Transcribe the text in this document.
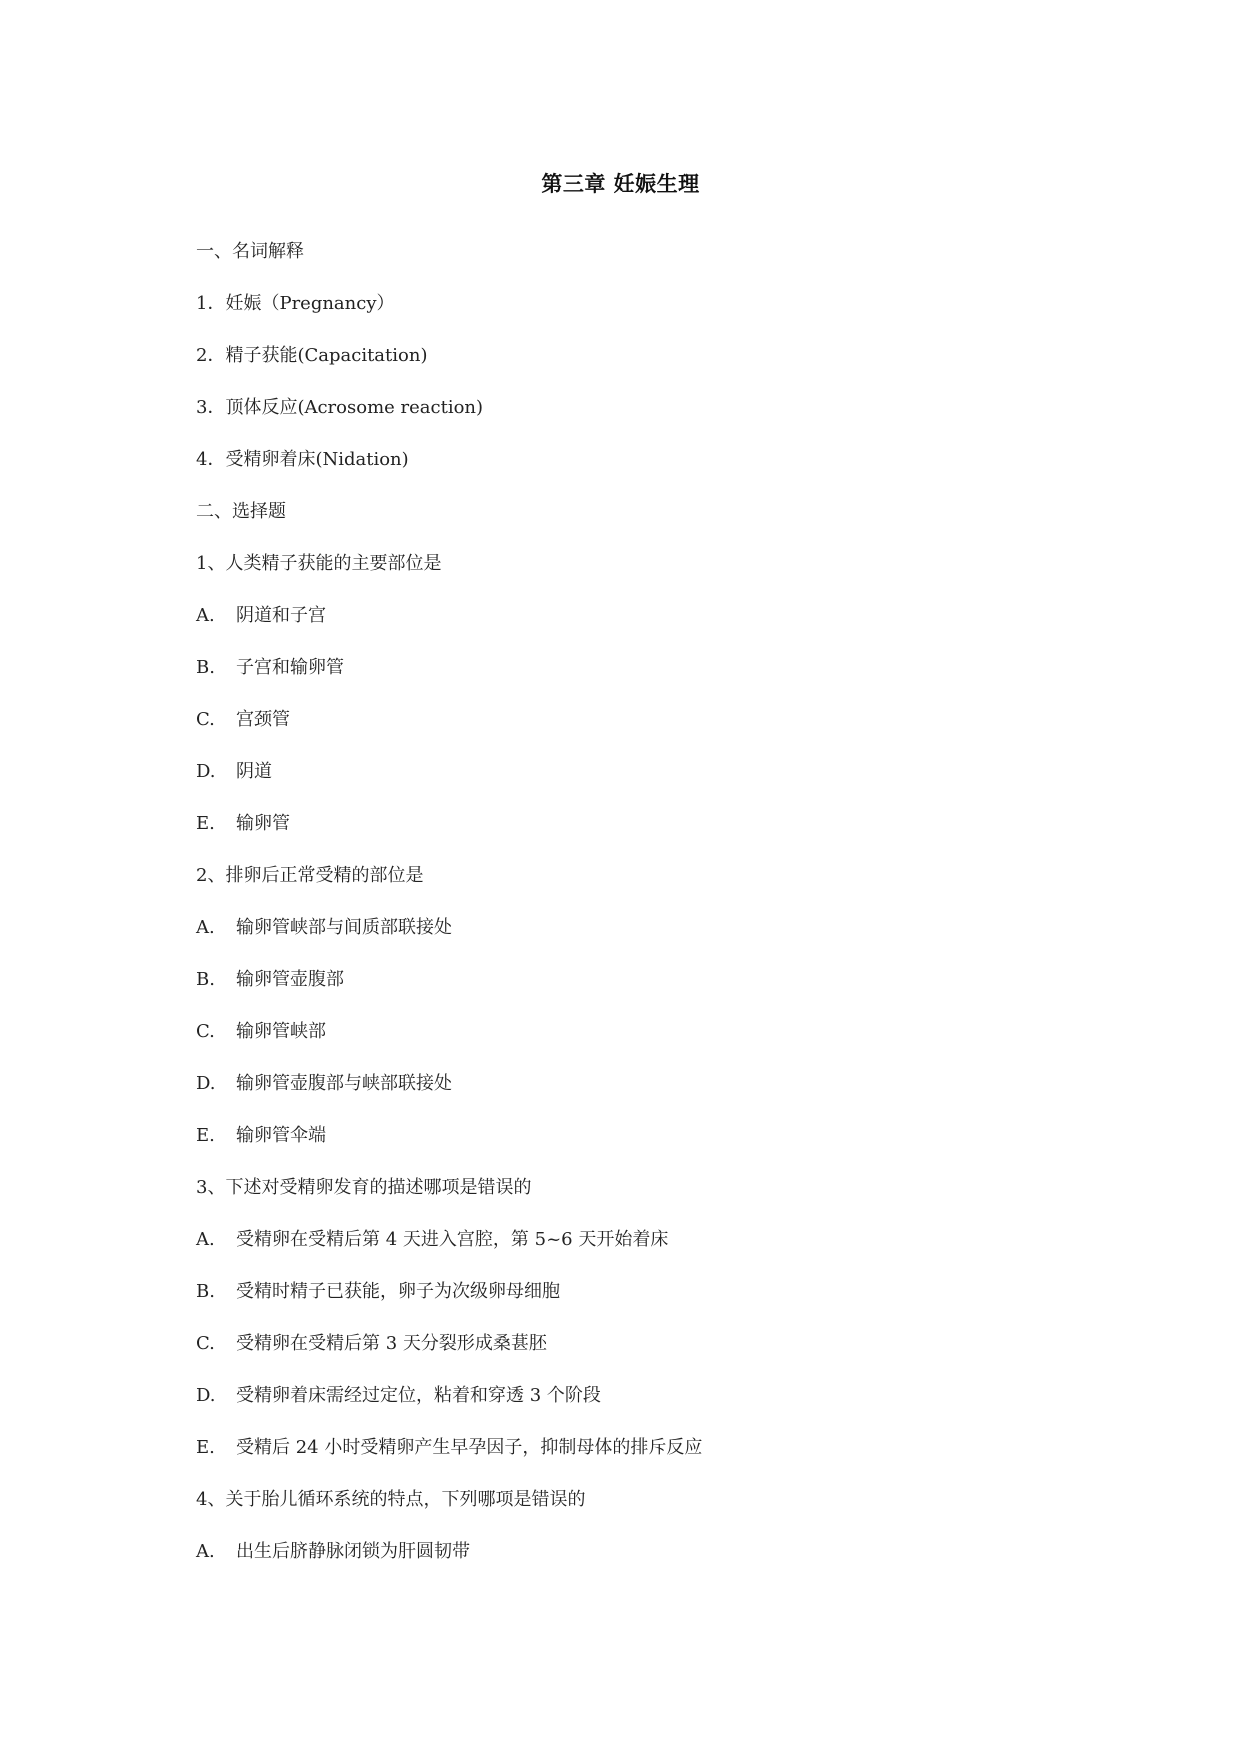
第三章 妊娠生理
一、名词解释
1．妊娠（Pregnancy）
2．精子获能(Capacitation)
3．顶体反应(Acrosome reaction)
4．受精卵着床(Nidation)
二、选择题
1、人类精子获能的主要部位是
A. 阴道和子宫
B. 子宫和输卵管
C. 宫颈管
D. 阴道
E. 输卵管
2、排卵后正常受精的部位是
A. 输卵管峡部与间质部联接处
B. 输卵管壶腹部
C. 输卵管峡部
D. 输卵管壶腹部与峡部联接处
E. 输卵管伞端
3、下述对受精卵发育的描述哪项是错误的
A. 受精卵在受精后第 4 天进入宫腔，第 5~6 天开始着床
B. 受精时精子已获能，卵子为次级卵母细胞
C. 受精卵在受精后第 3 天分裂形成桑葚胚
D. 受精卵着床需经过定位，粘着和穿透 3 个阶段
E. 受精后 24 小时受精卵产生早孕因子，抑制母体的排斥反应
4、关于胎儿循环系统的特点，下列哪项是错误的
A. 出生后脐静脉闭锁为肝圆韧带
